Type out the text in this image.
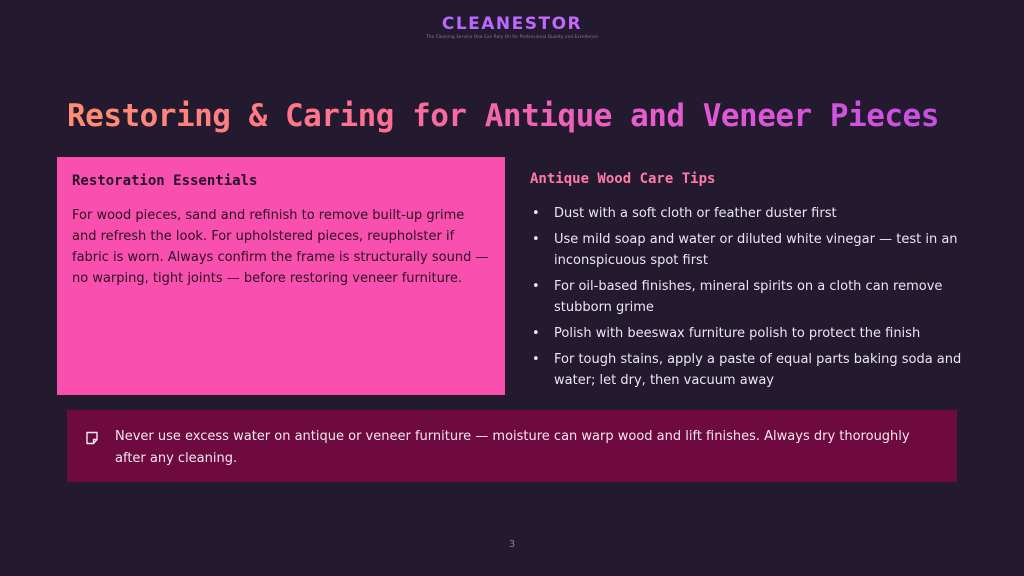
CLEANESTOR
The Cleaning Service One Can Rely On for Professional Quality and Excellence
Restoring & Caring for Antique and Veneer Pieces
Restoration Essentials

For wood pieces, sand and refinish to remove built-up grime and refresh the look. For upholstered pieces, reupholster if fabric is worn. Always confirm the frame is structurally sound — no warping, tight joints — before restoring veneer furniture.

Antique Wood Care Tips
• Dust with a soft cloth or feather duster first
• Use mild soap and water or diluted white vinegar — test in an inconspicuous spot first
• For oil-based finishes, mineral spirits on a cloth can remove stubborn grime
• Polish with beeswax furniture polish to protect the finish
• For tough stains, apply a paste of equal parts baking soda and water; let dry, then vacuum away

Never use excess water on antique or veneer furniture — moisture can warp wood and lift finishes. Always dry thoroughly after any cleaning.

3
